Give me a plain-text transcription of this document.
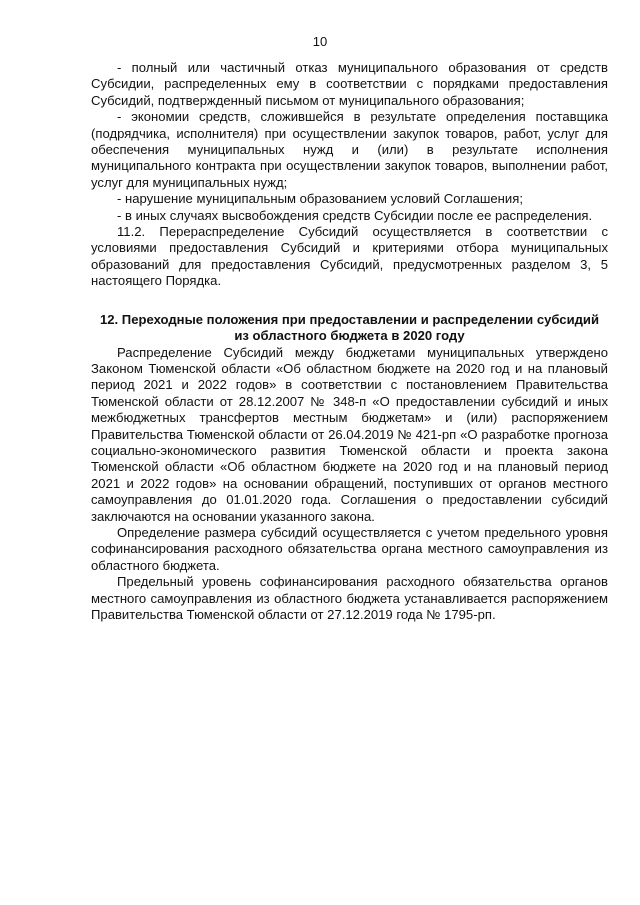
10

- полный или частичный отказ муниципального образования от средств Субсидии, распределенных ему в соответствии с порядками предоставления Субсидий, подтвержденный письмом от муниципального образования;

- экономии средств, сложившейся в результате определения поставщика (подрядчика, исполнителя) при осуществлении закупок товаров, работ, услуг для обеспечения муниципальных нужд и (или) в результате исполнения муниципального контракта при осуществлении закупок товаров, выполнении работ, услуг для муниципальных нужд;

- нарушение муниципальным образованием условий Соглашения;

- в иных случаях высвобождения средств Субсидии после ее распределения.

11.2. Перераспределение Субсидий осуществляется в соответствии с условиями предоставления Субсидий и критериями отбора муниципальных образований для предоставления Субсидий, предусмотренных разделом 3, 5 настоящего Порядка.

12. Переходные положения при предоставлении и распределении субсидий из областного бюджета в 2020 году

Распределение Субсидий между бюджетами муниципальных утверждено Законом Тюменской области «Об областном бюджете на 2020 год и на плановый период 2021 и 2022 годов» в соответствии с постановлением Правительства Тюменской области от 28.12.2007 № 348-п «О предоставлении субсидий и иных межбюджетных трансфертов местным бюджетам» и (или) распоряжением Правительства Тюменской области от 26.04.2019 № 421-рп «О разработке прогноза социально-экономического развития Тюменской области и проекта закона Тюменской области «Об областном бюджете на 2020 год и на плановый период 2021 и 2022 годов» на основании обращений, поступивших от органов местного самоуправления до 01.01.2020 года. Соглашения о предоставлении субсидий заключаются на основании указанного закона.

Определение размера субсидий осуществляется с учетом предельного уровня софинансирования расходного обязательства органа местного самоуправления из областного бюджета.

Предельный уровень софинансирования расходного обязательства органов местного самоуправления из областного бюджета устанавливается распоряжением Правительства Тюменской области от 27.12.2019 года № 1795-рп.
